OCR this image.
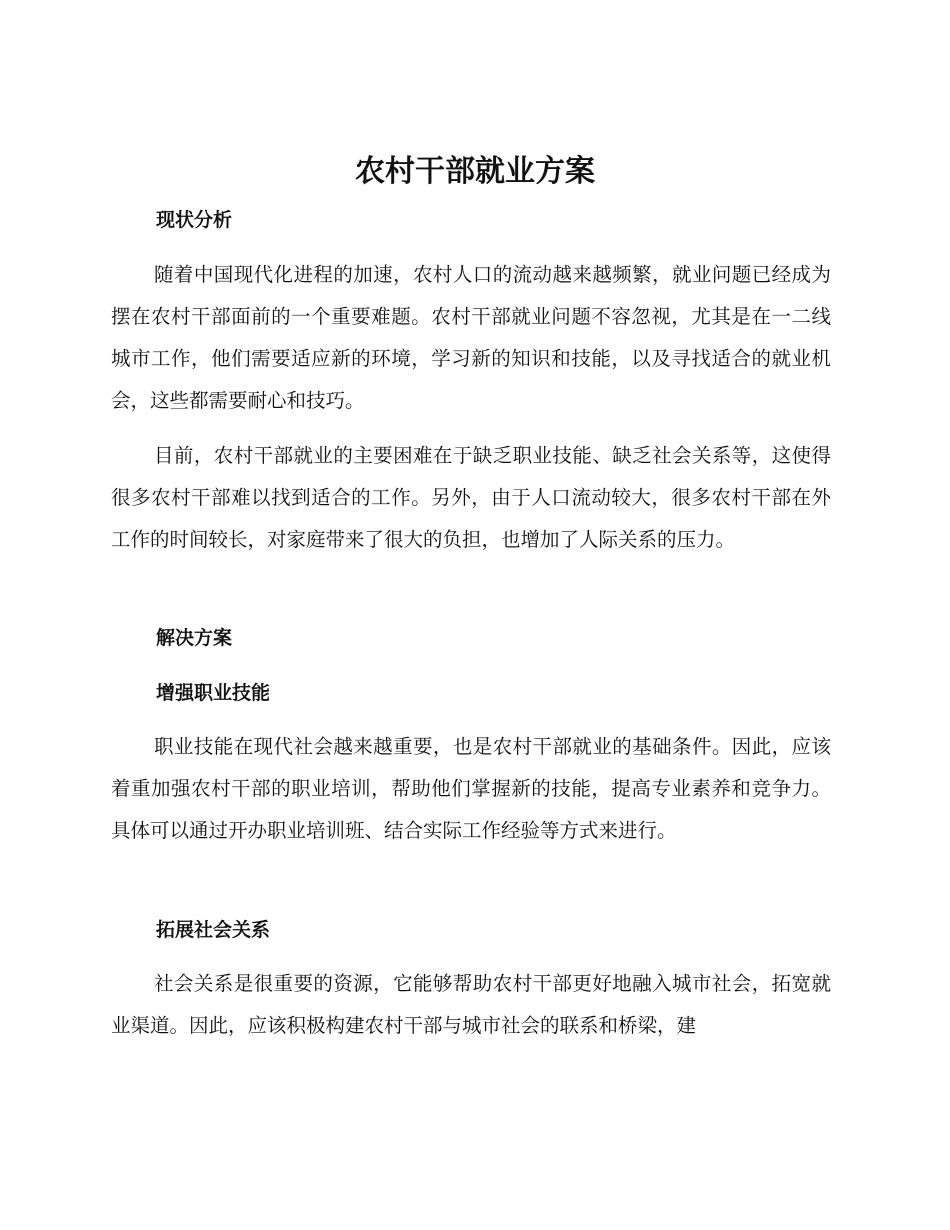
农村干部就业方案
现状分析
随着中国现代化进程的加速，农村人口的流动越来越频繁，就业问题已经成为摆在农村干部面前的一个重要难题。农村干部就业问题不容忽视，尤其是在一二线城市工作，他们需要适应新的环境，学习新的知识和技能，以及寻找适合的就业机会，这些都需要耐心和技巧。
目前，农村干部就业的主要困难在于缺乏职业技能、缺乏社会关系等，这使得很多农村干部难以找到适合的工作。另外，由于人口流动较大，很多农村干部在外工作的时间较长，对家庭带来了很大的负担，也增加了人际关系的压力。
解决方案
增强职业技能
职业技能在现代社会越来越重要，也是农村干部就业的基础条件。因此，应该着重加强农村干部的职业培训，帮助他们掌握新的技能，提高专业素养和竞争力。具体可以通过开办职业培训班、结合实际工作经验等方式来进行。
拓展社会关系
社会关系是很重要的资源，它能够帮助农村干部更好地融入城市社会，拓宽就业渠道。因此，应该积极构建农村干部与城市社会的联系和桥梁，建
